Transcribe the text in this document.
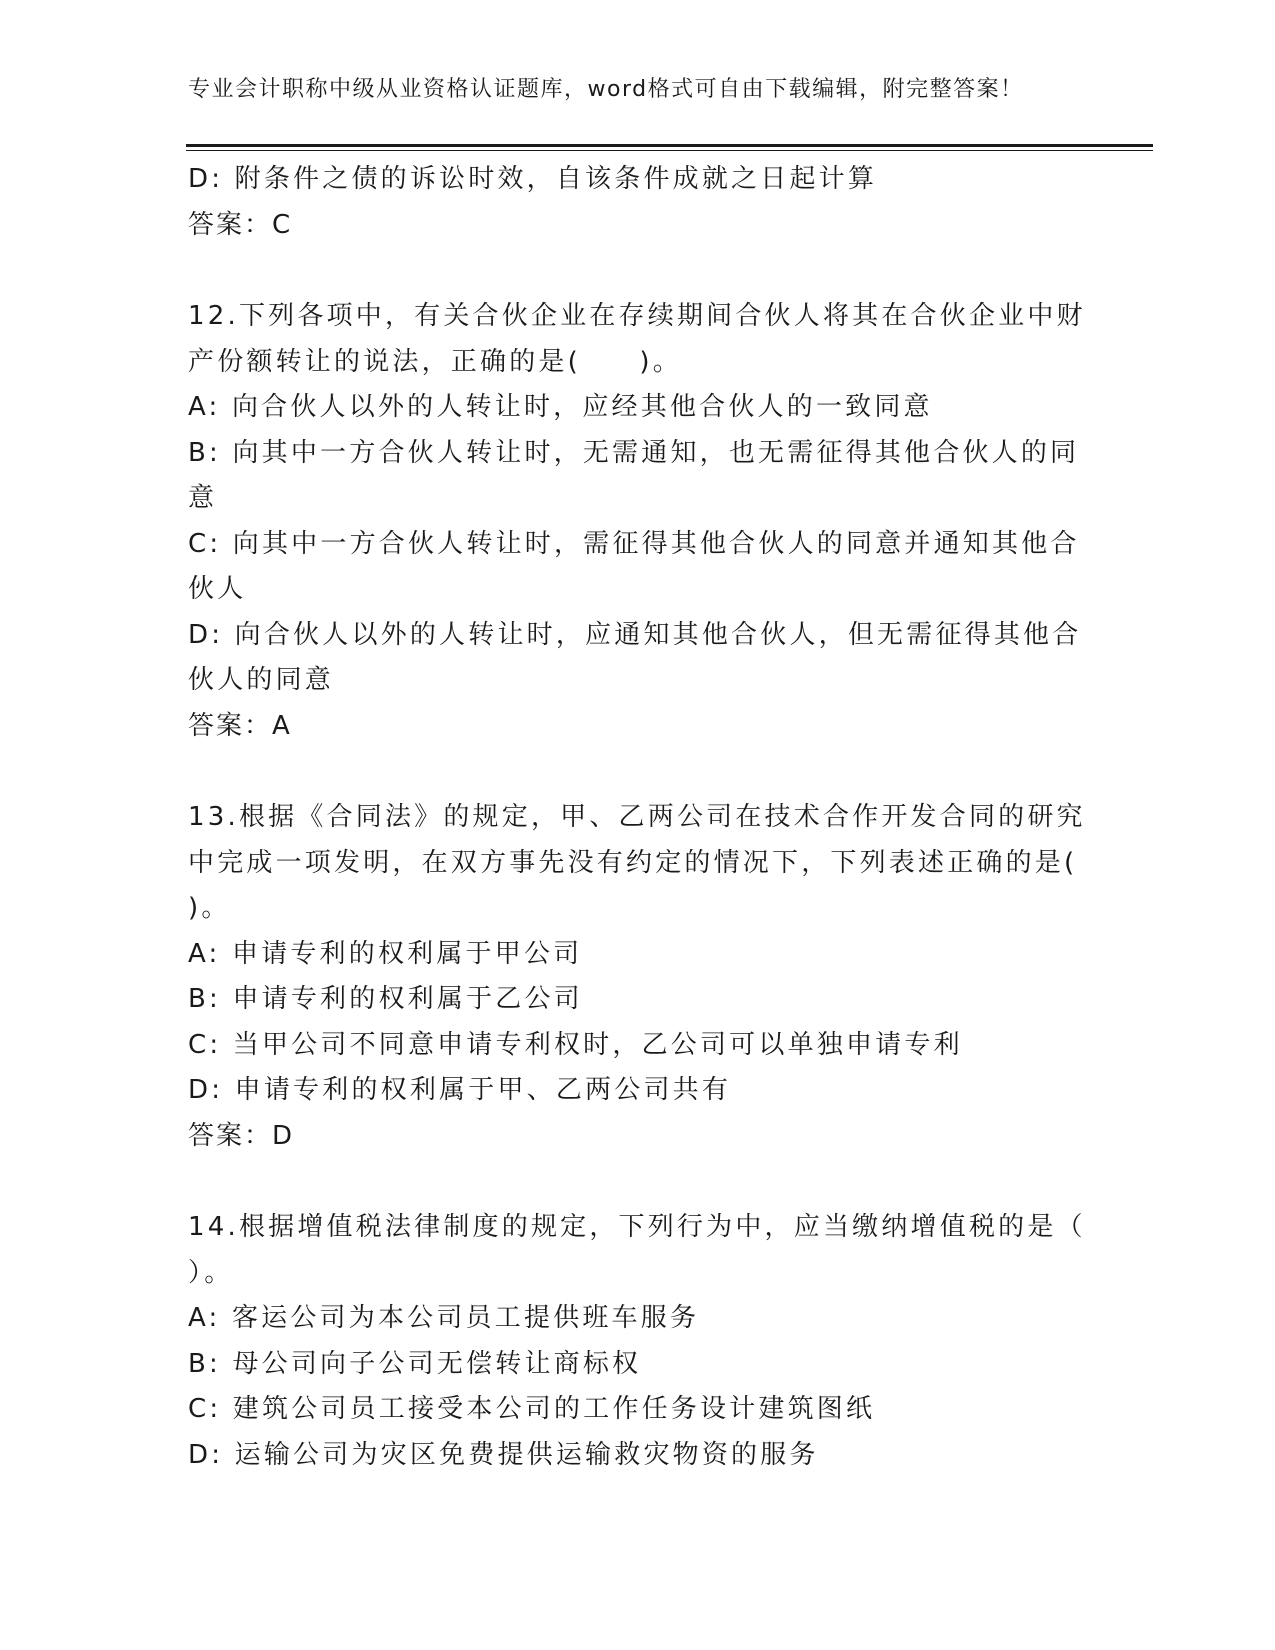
专业会计职称中级从业资格认证题库，word格式可自由下载编辑，附完整答案！
D: 附条件之债的诉讼时效，自该条件成就之日起计算
答案：C
12.下列各项中，有关合伙企业在存续期间合伙人将其在合伙企业中财
产份额转让的说法，正确的是(　　)。
A: 向合伙人以外的人转让时，应经其他合伙人的一致同意
B: 向其中一方合伙人转让时，无需通知，也无需征得其他合伙人的同
意
C: 向其中一方合伙人转让时，需征得其他合伙人的同意并通知其他合
伙人
D: 向合伙人以外的人转让时，应通知其他合伙人，但无需征得其他合
伙人的同意
答案：A
13.根据《合同法》的规定，甲、乙两公司在技术合作开发合同的研究
中完成一项发明，在双方事先没有约定的情况下，下列表述正确的是(
)。
A: 申请专利的权利属于甲公司
B: 申请专利的权利属于乙公司
C: 当甲公司不同意申请专利权时，乙公司可以单独申请专利
D: 申请专利的权利属于甲、乙两公司共有
答案：D
14.根据增值税法律制度的规定，下列行为中，应当缴纳增值税的是（
）。
A: 客运公司为本公司员工提供班车服务
B: 母公司向子公司无偿转让商标权
C: 建筑公司员工接受本公司的工作任务设计建筑图纸
D: 运输公司为灾区免费提供运输救灾物资的服务
